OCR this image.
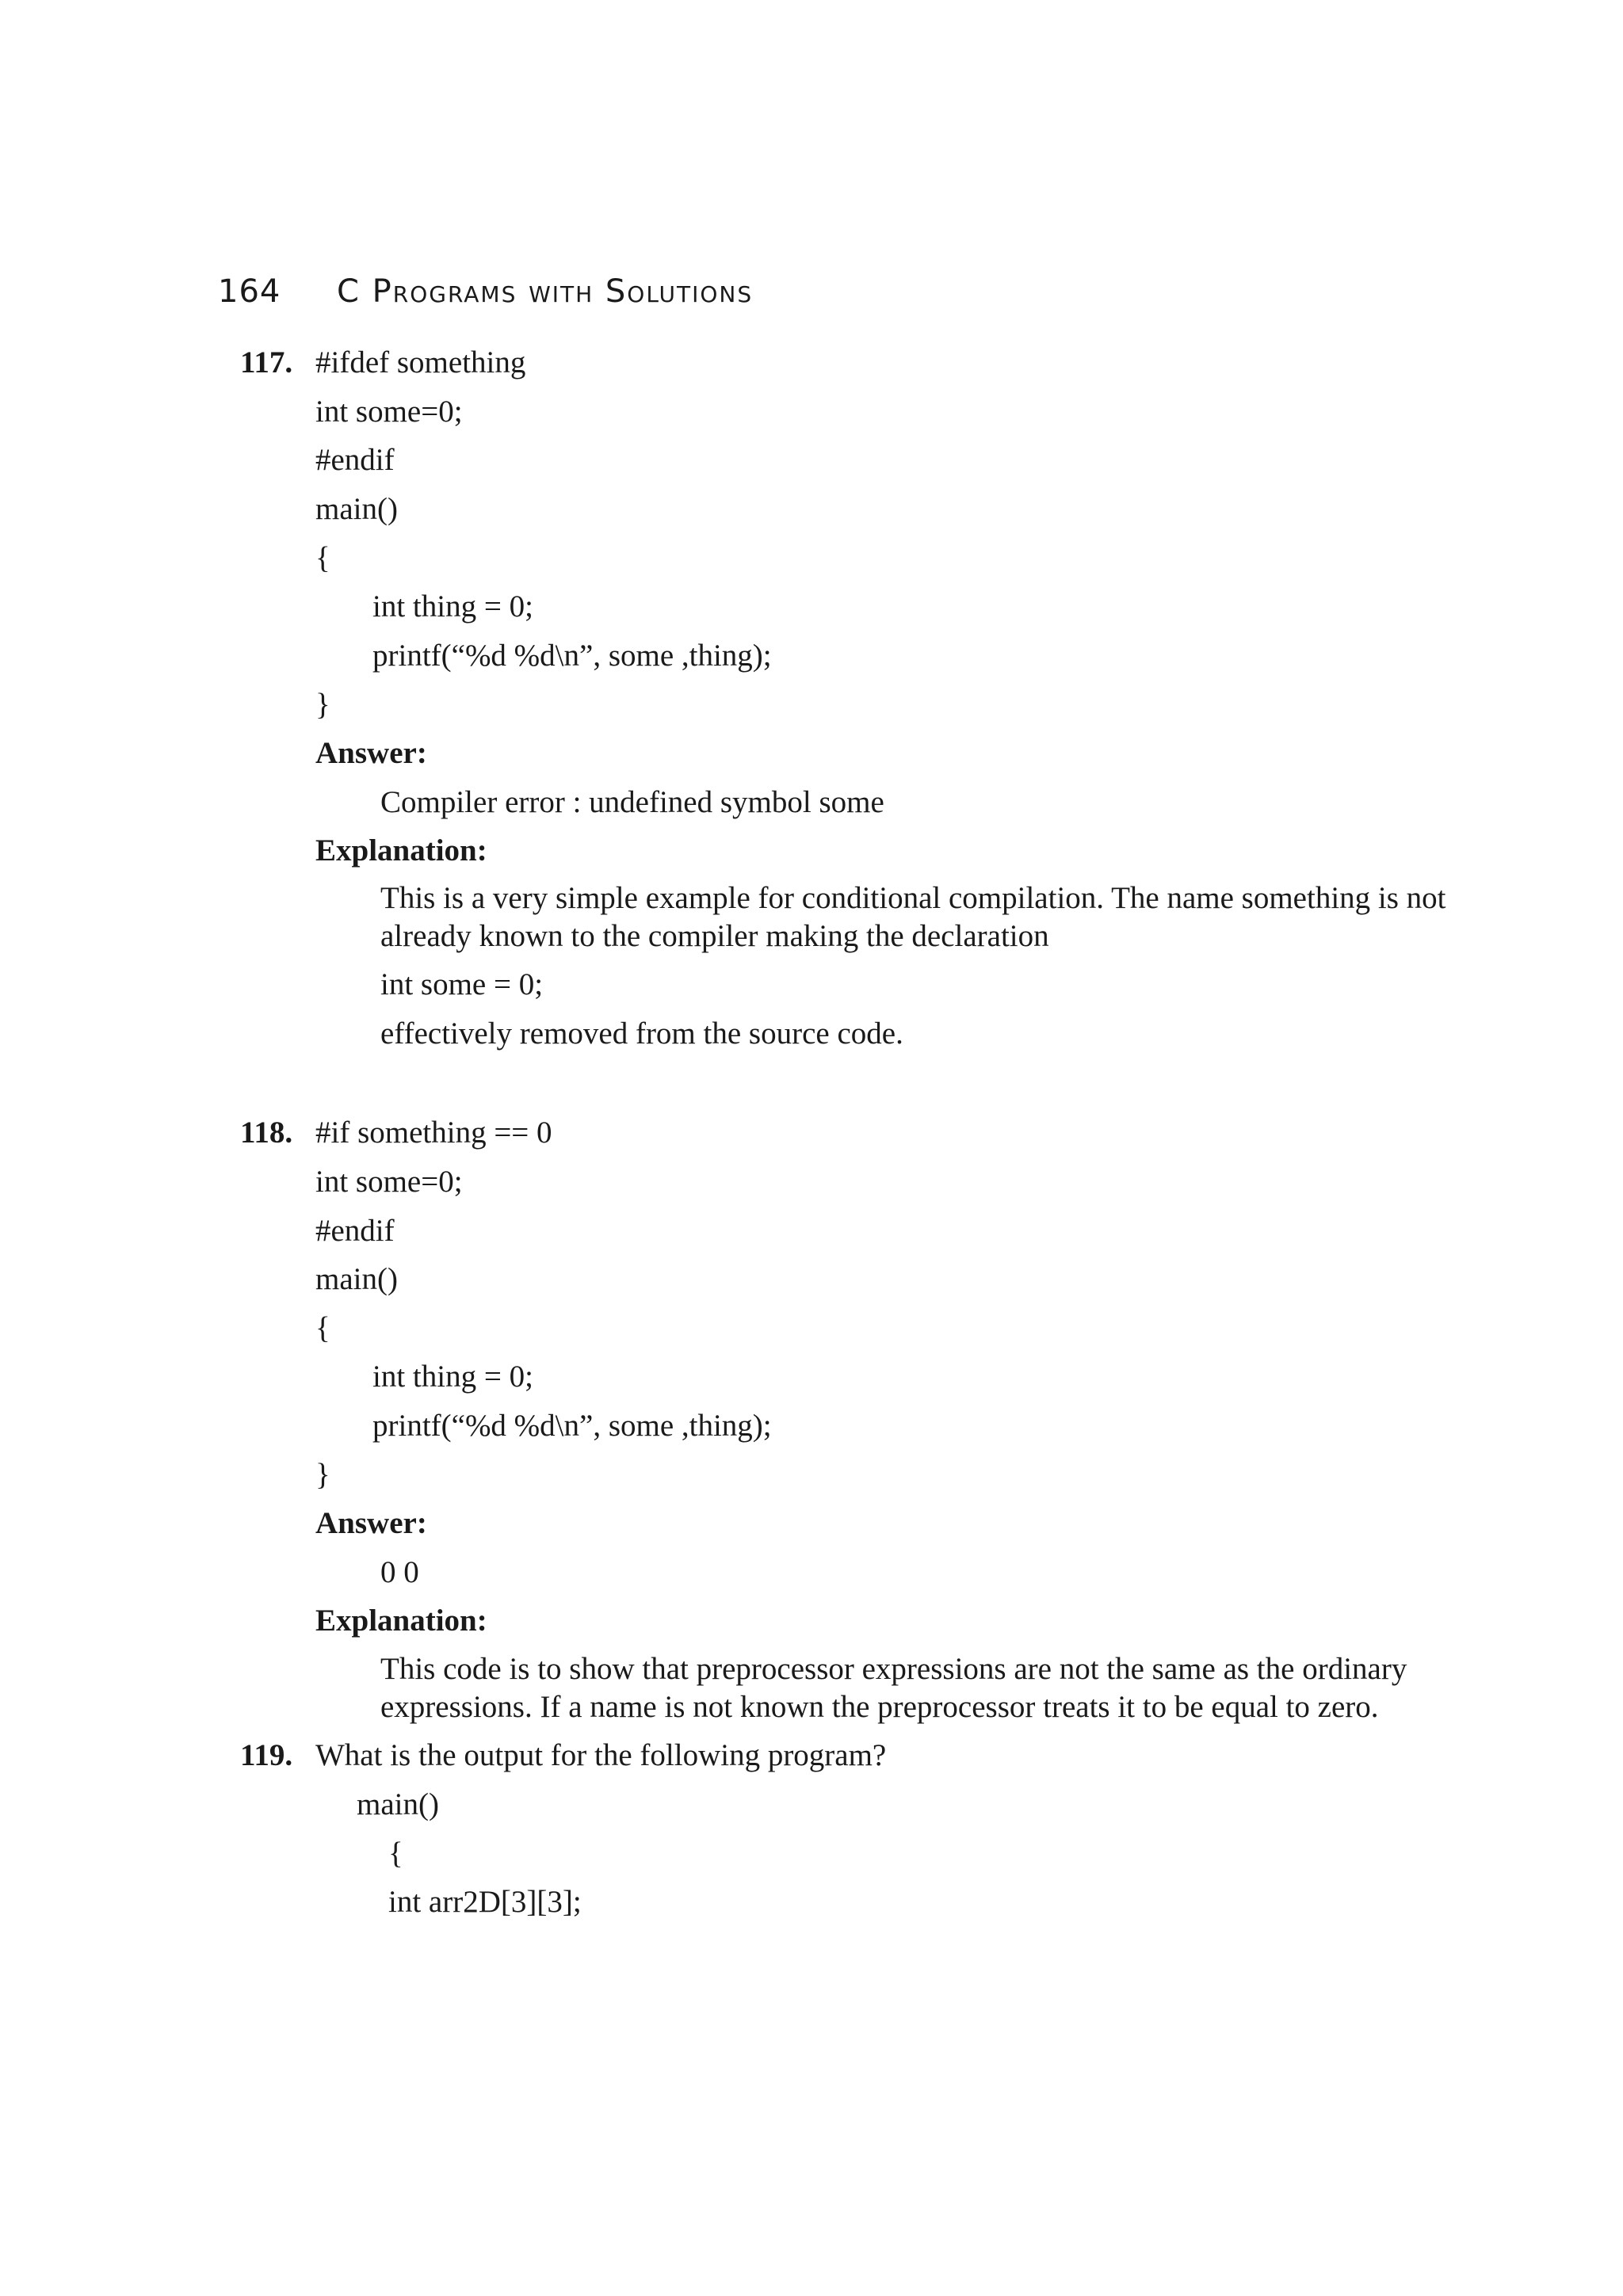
164 C Programs with Solutions
117. #ifdef something
int some=0;
#endif
main()
{
int thing = 0;
printf(“%d %d\n”, some ,thing);
}
Answer:
Compiler error : undefined symbol some
Explanation:
This is a very simple example for conditional compilation. The name something is not
already known to the compiler making the declaration
int some = 0;
effectively removed from the source code.
118. #if something == 0
int some=0;
#endif
main()
{
int thing = 0;
printf(“%d %d\n”, some ,thing);
}
Answer:
0 0
Explanation:
This code is to show that preprocessor expressions are not the same as the ordinary
expressions. If a name is not known the preprocessor treats it to be equal to zero.
119. What is the output for the following program?
main()
{
int arr2D[3][3];
